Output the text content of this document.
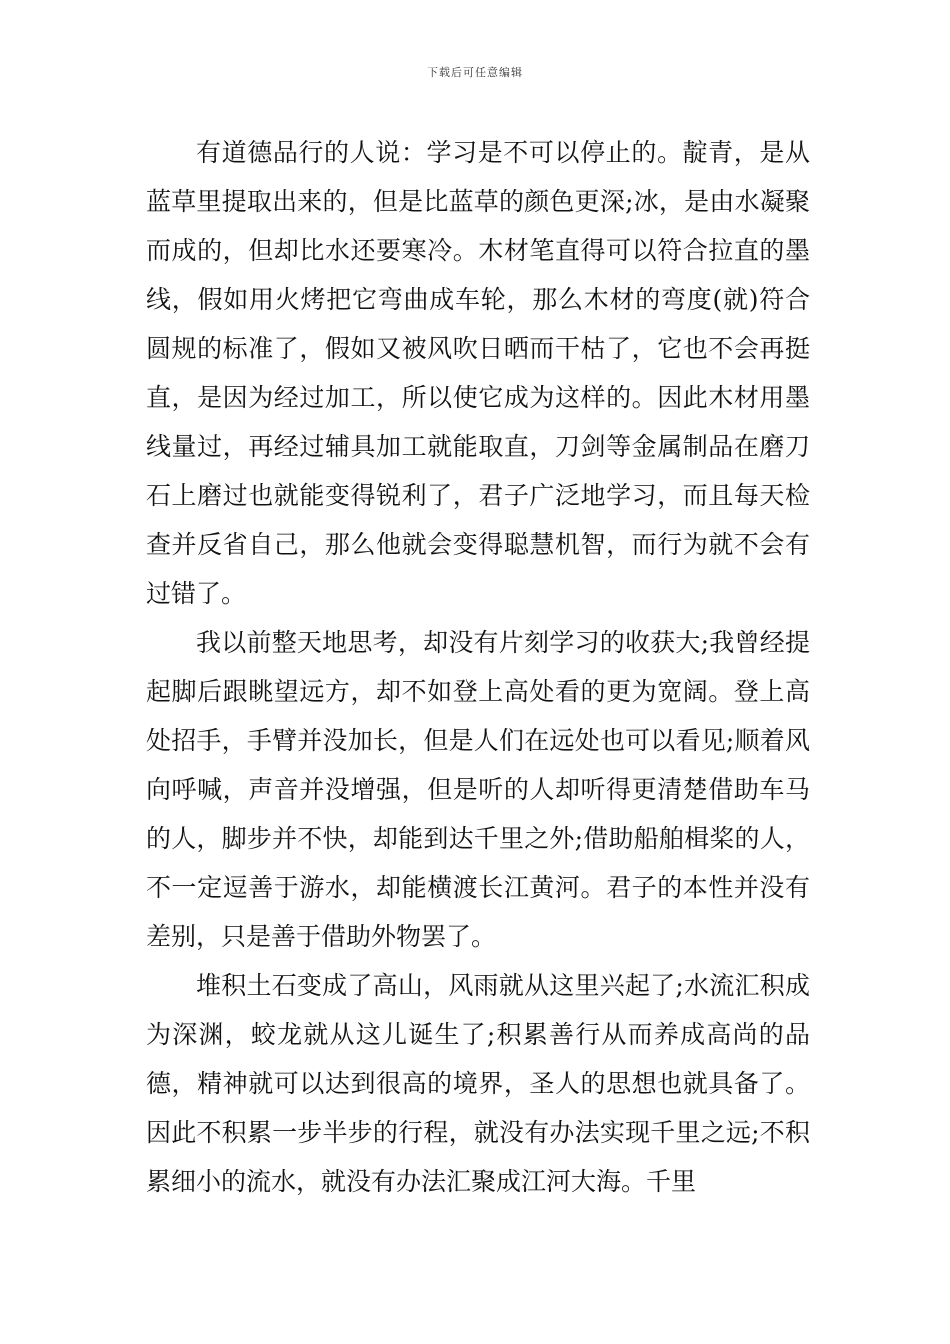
下载后可任意编辑

有道德品行的人说：学习是不可以停止的。靛青，是从蓝草里提取出来的，但是比蓝草的颜色更深;冰，是由水凝聚而成的，但却比水还要寒冷。木材笔直得可以符合拉直的墨线，假如用火烤把它弯曲成车轮，那么木材的弯度(就)符合圆规的标准了，假如又被风吹日晒而干枯了，它也不会再挺直，是因为经过加工，所以使它成为这样的。因此木材用墨线量过，再经过辅具加工就能取直，刀剑等金属制品在磨刀石上磨过也就能变得锐利了，君子广泛地学习，而且每天检查并反省自己，那么他就会变得聪慧机智，而行为就不会有过错了。

我以前整天地思考，却没有片刻学习的收获大;我曾经提起脚后跟眺望远方，却不如登上高处看的更为宽阔。登上高处招手，手臂并没加长，但是人们在远处也可以看见;顺着风向呼喊，声音并没增强，但是听的人却听得更清楚借助车马的人，脚步并不快，却能到达千里之外;借助船舶楫桨的人，不一定逗善于游水，却能横渡长江黄河。君子的本性并没有差别，只是善于借助外物罢了。

堆积土石变成了高山，风雨就从这里兴起了;水流汇积成为深渊，蛟龙就从这儿诞生了;积累善行从而养成高尚的品德，精神就可以达到很高的境界，圣人的思想也就具备了。因此不积累一步半步的行程，就没有办法实现千里之远;不积累细小的流水，就没有办法汇聚成江河大海。千里
